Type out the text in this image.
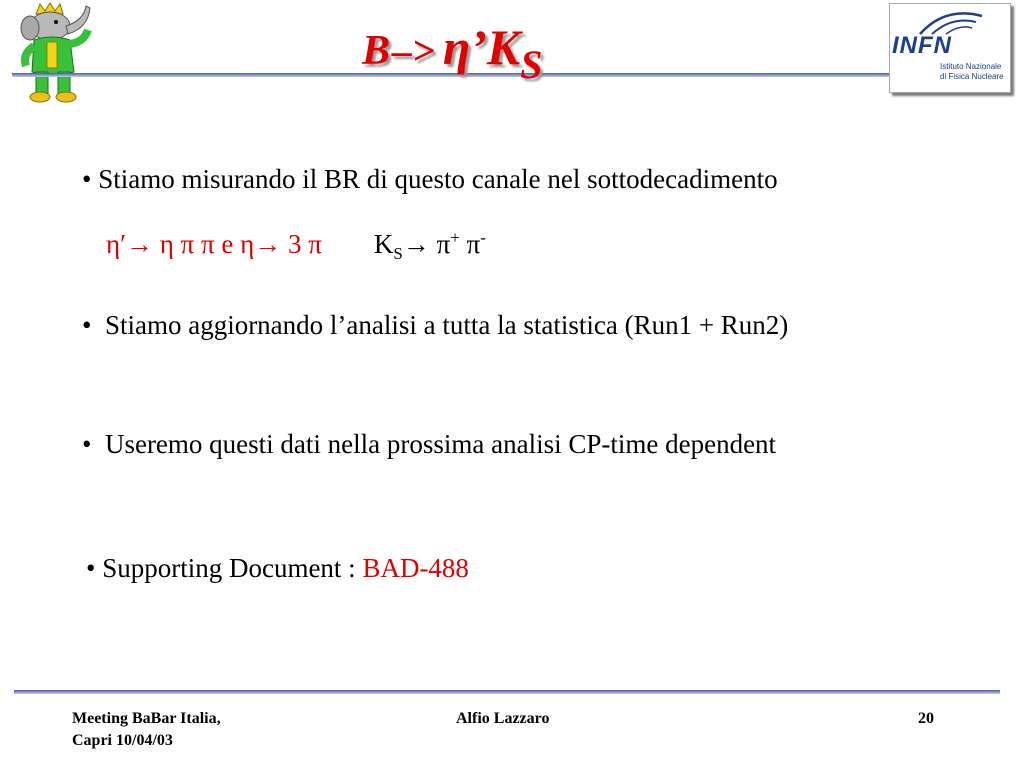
$B-> \eta’K_S$	INFN
Istituto Nazionale
di Fisica Nucleare
• Stiamo misurando il BR di questo canale nel sottodecadimento
η′→ η π π e η→ 3 π $K_S\to \pi^+$ π-
• Stiamo aggiornando l’analisi a tutta la statistica (Run1 + Run2)
• Useremo questi dati nella prossima analisi CP-time dependent
• Supporting Document : BAD-488
Meeting BaBar Italia,
Capri 10/04/03
Alfio Lazzaro	20
